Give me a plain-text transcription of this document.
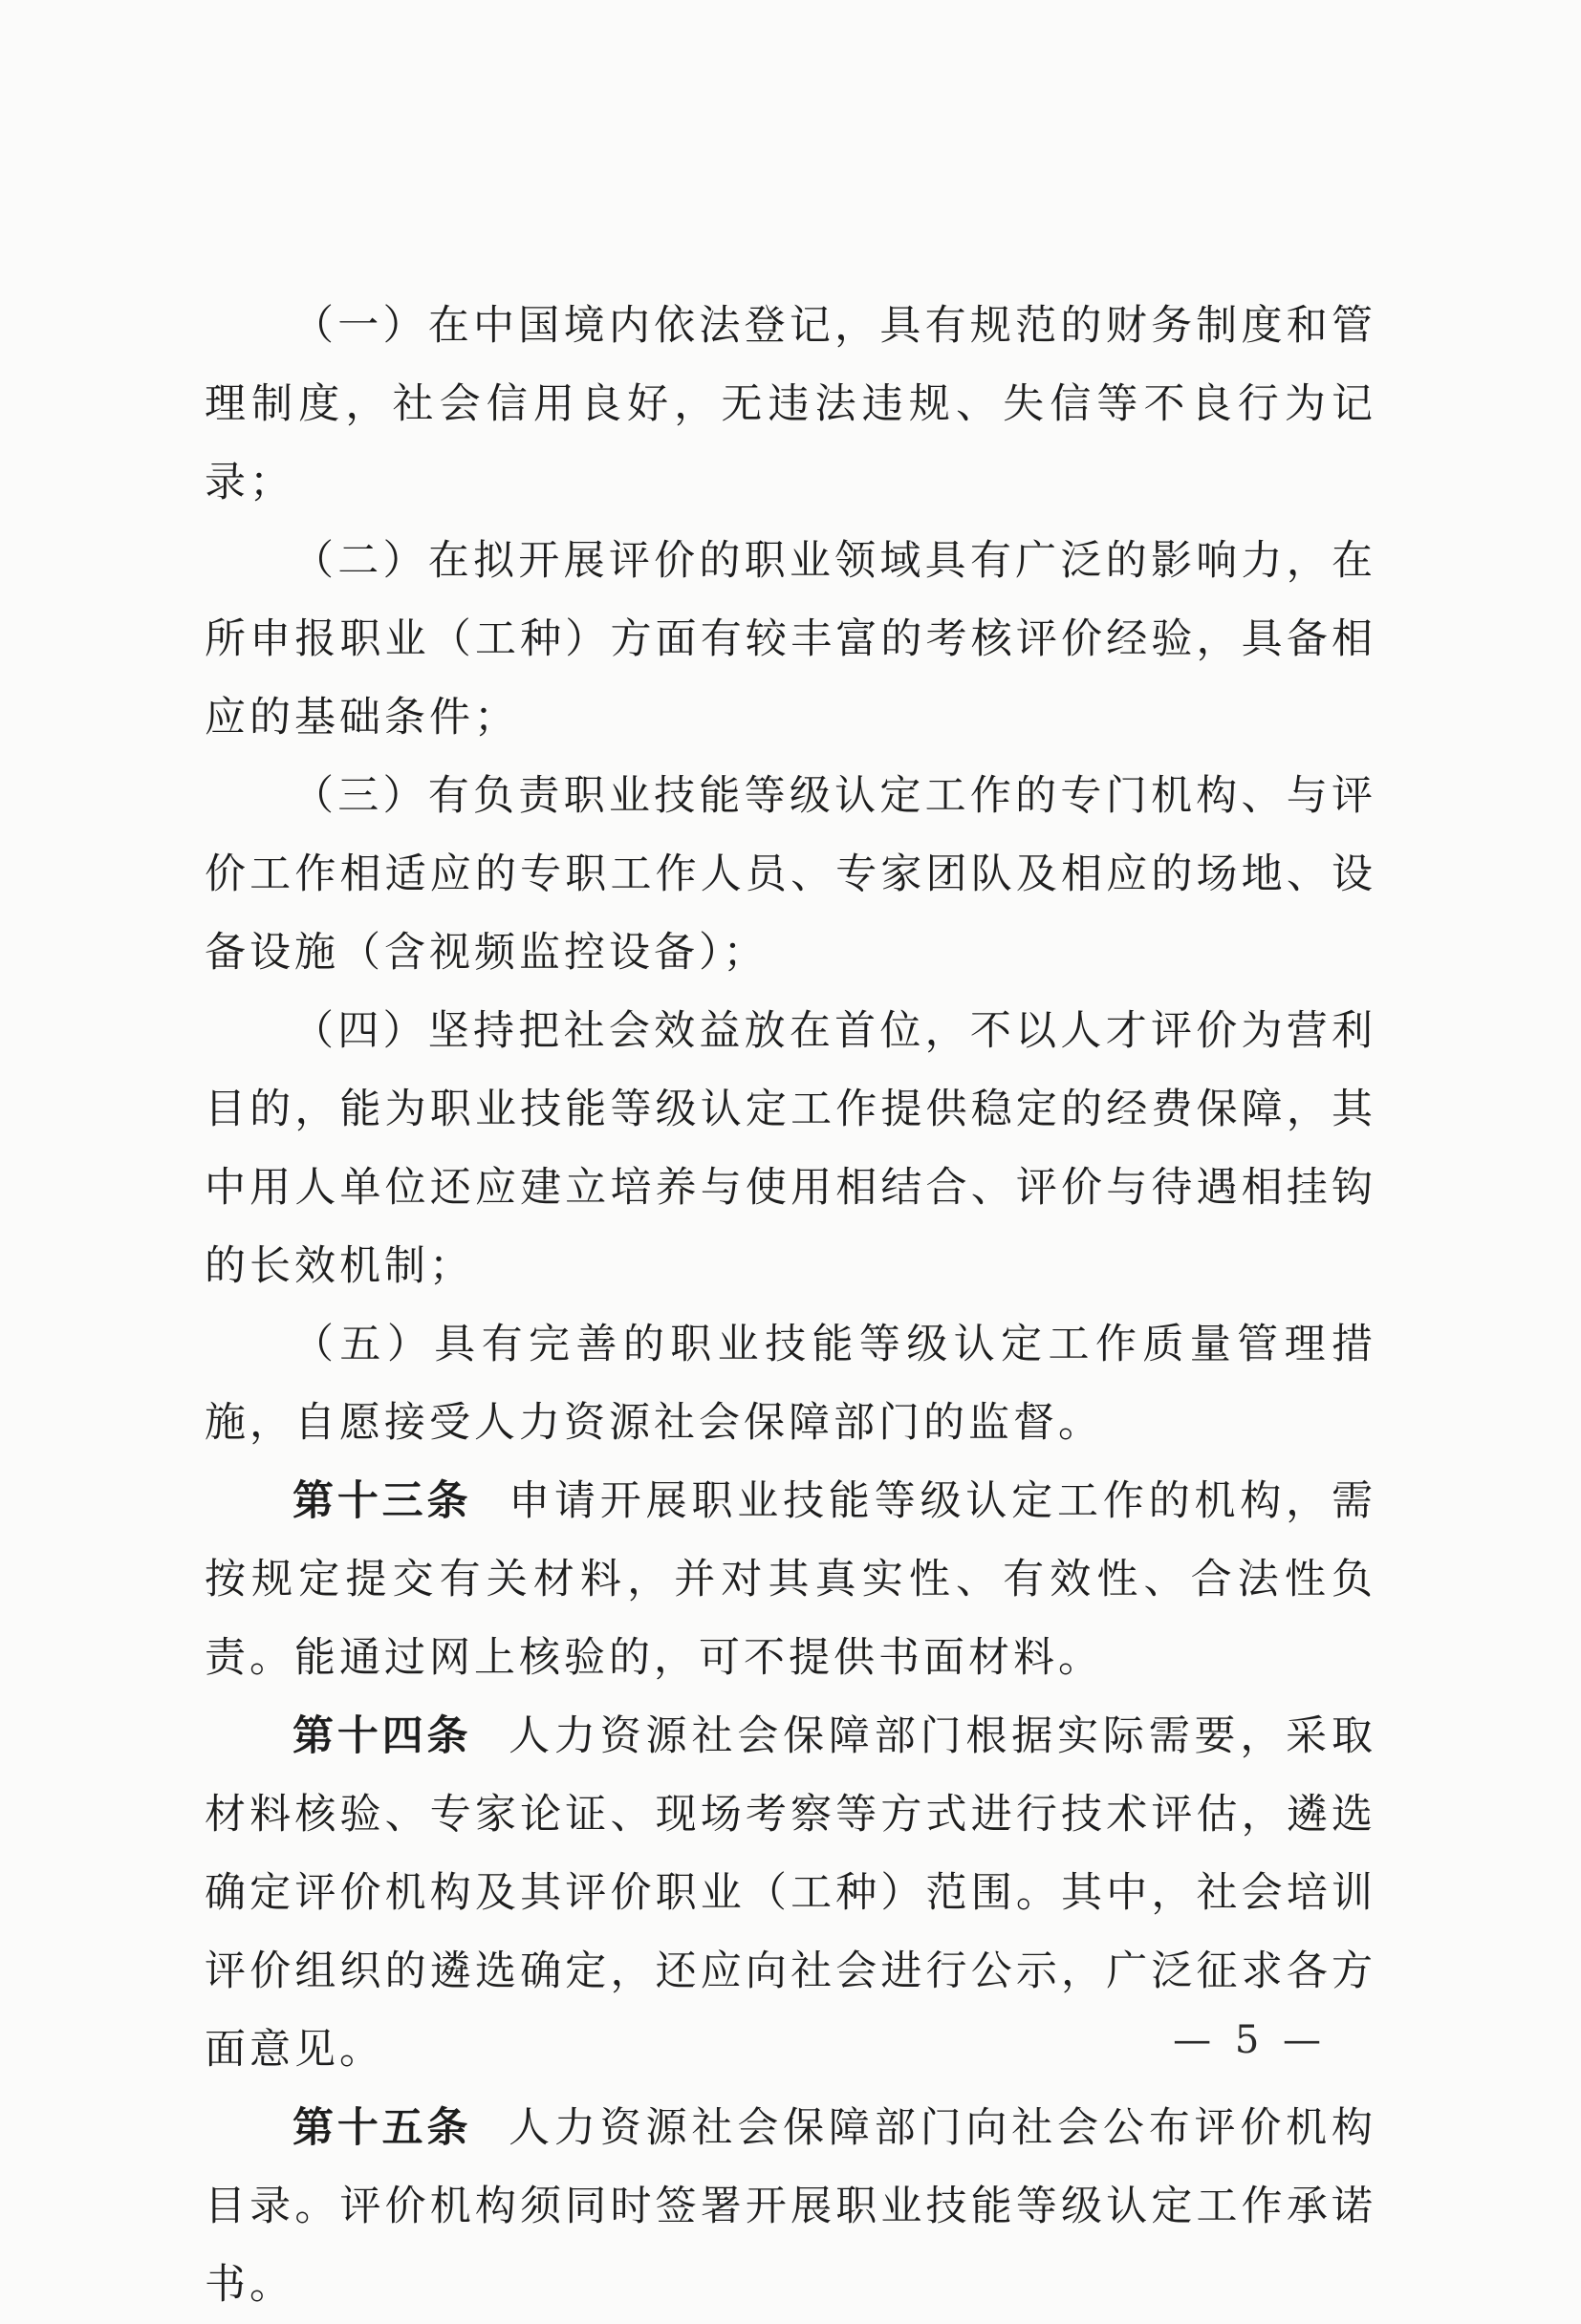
（一）在中国境内依法登记，具有规范的财务制度和管理制度，社会信用良好，无违法违规、失信等不良行为记录；

（二）在拟开展评价的职业领域具有广泛的影响力，在所申报职业（工种）方面有较丰富的考核评价经验，具备相应的基础条件；

（三）有负责职业技能等级认定工作的专门机构、与评价工作相适应的专职工作人员、专家团队及相应的场地、设备设施（含视频监控设备）；

（四）坚持把社会效益放在首位，不以人才评价为营利目的，能为职业技能等级认定工作提供稳定的经费保障，其中用人单位还应建立培养与使用相结合、评价与待遇相挂钩的长效机制；

（五）具有完善的职业技能等级认定工作质量管理措施，自愿接受人力资源社会保障部门的监督。

第十三条 申请开展职业技能等级认定工作的机构，需按规定提交有关材料，并对其真实性、有效性、合法性负责。能通过网上核验的，可不提供书面材料。

第十四条 人力资源社会保障部门根据实际需要，采取材料核验、专家论证、现场考察等方式进行技术评估，遴选确定评价机构及其评价职业（工种）范围。其中，社会培训评价组织的遴选确定，还应向社会进行公示，广泛征求各方面意见。

第十五条 人力资源社会保障部门向社会公布评价机构目录。评价机构须同时签署开展职业技能等级认定工作承诺书。

— 5 —
